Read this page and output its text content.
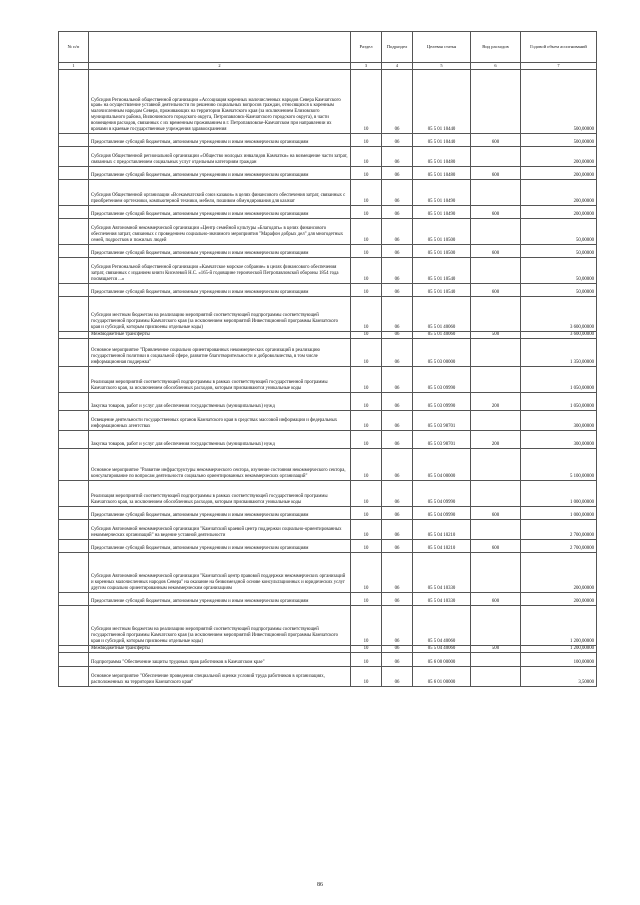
№ п/п		Раздел	Подраздел	Целевая статья	Вид расходов	Годовой объем ассигнований
1	2	3	4	5	6	7
	Субсидия Региональной общественной организации «Ассоциация коренных малочисленных народов Севера Камчатского края» на осуществление уставной деятельности по решению социальных вопросов граждан, относящихся к коренным малочисленным народам Севера, проживающих на территории Камчатского края (за исключением Елизовского муниципального района, Вилючинского городского округа, Петропавловск-Камчатского городского округа), в части возмещения расходов, связанных с их временным проживанием в г. Петропавловске-Камчатском при направлении их врачами в краевые государственные учреждения здравоохранения	10	06	05 5 01 10440		500,00000
	Предоставление субсидий бюджетным, автономным учреждениям и иным некоммерческим организациям	10	06	05 5 01 10440	600	500,00000
	Субсидия Общественной региональной организации «Общество молодых инвалидов Камчатки» на возмещение части затрат, связанных с предоставлением социальных услуг отдельным категориям граждан	10	06	05 5 01 10480		200,00000
	Предоставление субсидий бюджетным, автономным учреждениям и иным некоммерческим организациям	10	06	05 5 01 10480	600	200,00000
	Субсидия Общественной организации «Всекамчатский союз казаков» в целях финансового обеспечения затрат, связанных с приобретением оргтехники, компьютерной техники, мебели, пошивом обмундирования для казачат	10	06	05 5 01 10490		200,00000
	Предоставление субсидий бюджетным, автономным учреждениям и иным некоммерческим организациям	10	06	05 5 01 10490	600	200,00000
	Субсидия Автономной некоммерческой организации «Центр семейной культуры «Благодать» в целях финансового обеспечения затрат, связанных с проведением социально-значимого мероприятия "Марафон добрых дел" для многодетных семей, подростков и пожилых людей	10	06	05 5 01 10500		50,00000
	Предоставление субсидий бюджетным, автономным учреждениям и иным некоммерческим организациям	10	06	05 5 01 10500	600	50,00000
	Субсидия Региональной общественной организации «Камчатское морское собрание» в целях финансового обеспечения затрат, связанных с изданием книги Киселевой Н.С. «165-й годовщине героической Петропавловской обороны 1854 года посвящается ...»	10	06	05 5 01 10540		50,00000
	Предоставление субсидий бюджетным, автономным учреждениям и иным некоммерческим организациям	10	06	05 5 01 10540	600	50,00000
	Субсидии местным бюджетам на реализацию мероприятий соответствующей подпрограммы соответствующей государственной программы Камчатского края (за исключением мероприятий Инвестиционной программы Камчатского края и субсидий, которым присвоены отдельные коды)	10	06	05 5 01 40060		3 600,00000
	Межбюджетные трансферты	10	06	05 5 01 40060	500	3 600,00000
	Основное мероприятие "Привлечение социально ориентированных некоммерческих организаций в реализацию государственной политики в социальной сфере, развитие благотворительности и добровольчества, в том числе информационная поддержка"	10	06	05 5 03 00000		1 350,00000
	Реализация мероприятий соответствующей подпрограммы в рамках соответствующей государственной программы Камчатского края, за исключением обособленных расходов, которым присваиваются уникальные коды	10	06	05 5 03 09990		1 050,00000
	Закупка товаров, работ и услуг для обеспечения государственных (муниципальных) нужд	10	06	05 5 03 09990	200	1 050,00000
	Освещение деятельности государственных органов Камчатского края в средствах массовой информации и федеральных информационных агентствах	10	06	05 5 03 98701		300,00000
	Закупка товаров, работ и услуг для обеспечения государственных (муниципальных) нужд	10	06	05 5 03 98701	200	300,00000
	Основное мероприятие "Развитие инфраструктуры некоммерческого сектора, изучение состояния некоммерческого сектора, консультирование по вопросам деятельности социально ориентированных некоммерческих организаций"	10	06	05 5 04 00000		5 100,00000
	Реализация мероприятий соответствующей подпрограммы в рамках соответствующей государственной программы Камчатского края, за исключением обособленных расходов, которым присваиваются уникальные коды	10	06	05 5 04 09990		1 000,00000
	Предоставление субсидий бюджетным, автономным учреждениям и иным некоммерческим организациям	10	06	05 5 04 09990	600	1 000,00000
	Субсидия Автономной некоммерческой организации "Камчатский краевой центр поддержки социально-ориентированных некоммерческих организаций" на ведение уставной деятельности	10	06	05 5 04 10210		2 700,00000
	Предоставление субсидий бюджетным, автономным учреждениям и иным некоммерческим организациям	10	06	05 5 04 10210	600	2 700,00000
	Субсидия Автономной некоммерческой организации "Камчатский центр правовой поддержки некоммерческих организаций и коренных малочисленных народов Севера" на оказание на безвозмездной основе консультационных и юридических услуг другим социально ориентированным некоммерческим организациям	10	06	05 5 04 10330		200,00000
	Предоставление субсидий бюджетным, автономным учреждениям и иным некоммерческим организациям	10	06	05 5 04 10330	600	200,00000
	Субсидии местным бюджетам на реализацию мероприятий соответствующей подпрограммы соответствующей государственной программы Камчатского края (за исключением мероприятий Инвестиционной программы Камчатского края и субсидий, которым присвоены отдельные коды)	10	06	05 5 04 40060		1 200,00000
	Межбюджетные трансферты	10	06	05 5 04 40060	500	1 200,00000
	Подпрограмма "Обеспечение защиты трудовых прав работников в Камчатском крае"	10	06	05 6 00 00000		100,00000
	Основное мероприятие "Обеспечение проведения специальной оценки условий труда работников в организациях, расположенных на территории Камчатского края"	10	06	05 6 01 00000		3,50000
86
